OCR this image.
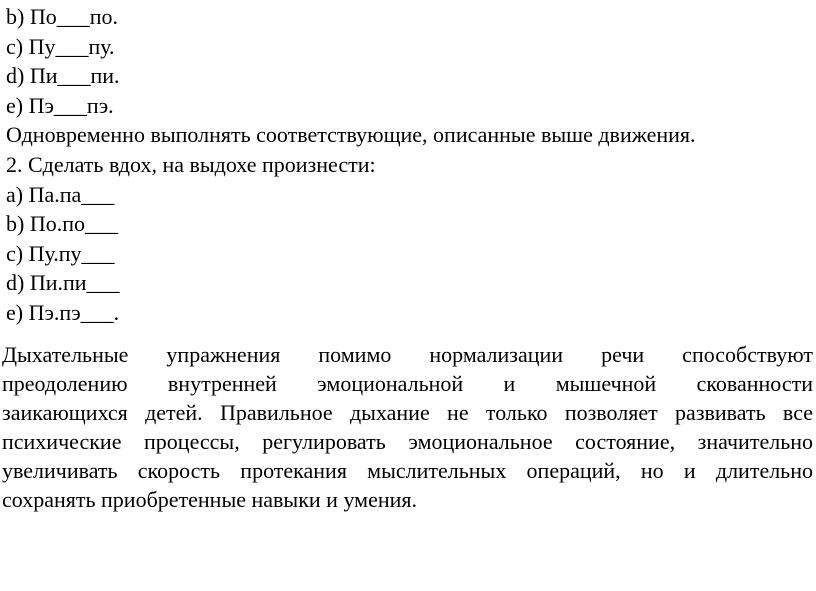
b) По___по.
c) Пу___пу.
d) Пи___пи.
e) Пэ___пэ.
Одновременно выполнять соответствующие, описанные выше движения.
2. Сделать вдох, на выдохе произнести:
a) Па.па___
b) По.по___
c) Пу.пу___
d) Пи.пи___
e) Пэ.пэ___.
Дыхательные упражнения помимо нормализации речи способствуют
преодолению внутренней эмоциональной и мышечной скованности
заикающихся детей. Правильное дыхание не только позволяет развивать все
психические процессы, регулировать эмоциональное состояние, значительно
увеличивать скорость протекания мыслительных операций, но и длительно
сохранять приобретенные навыки и умения.
